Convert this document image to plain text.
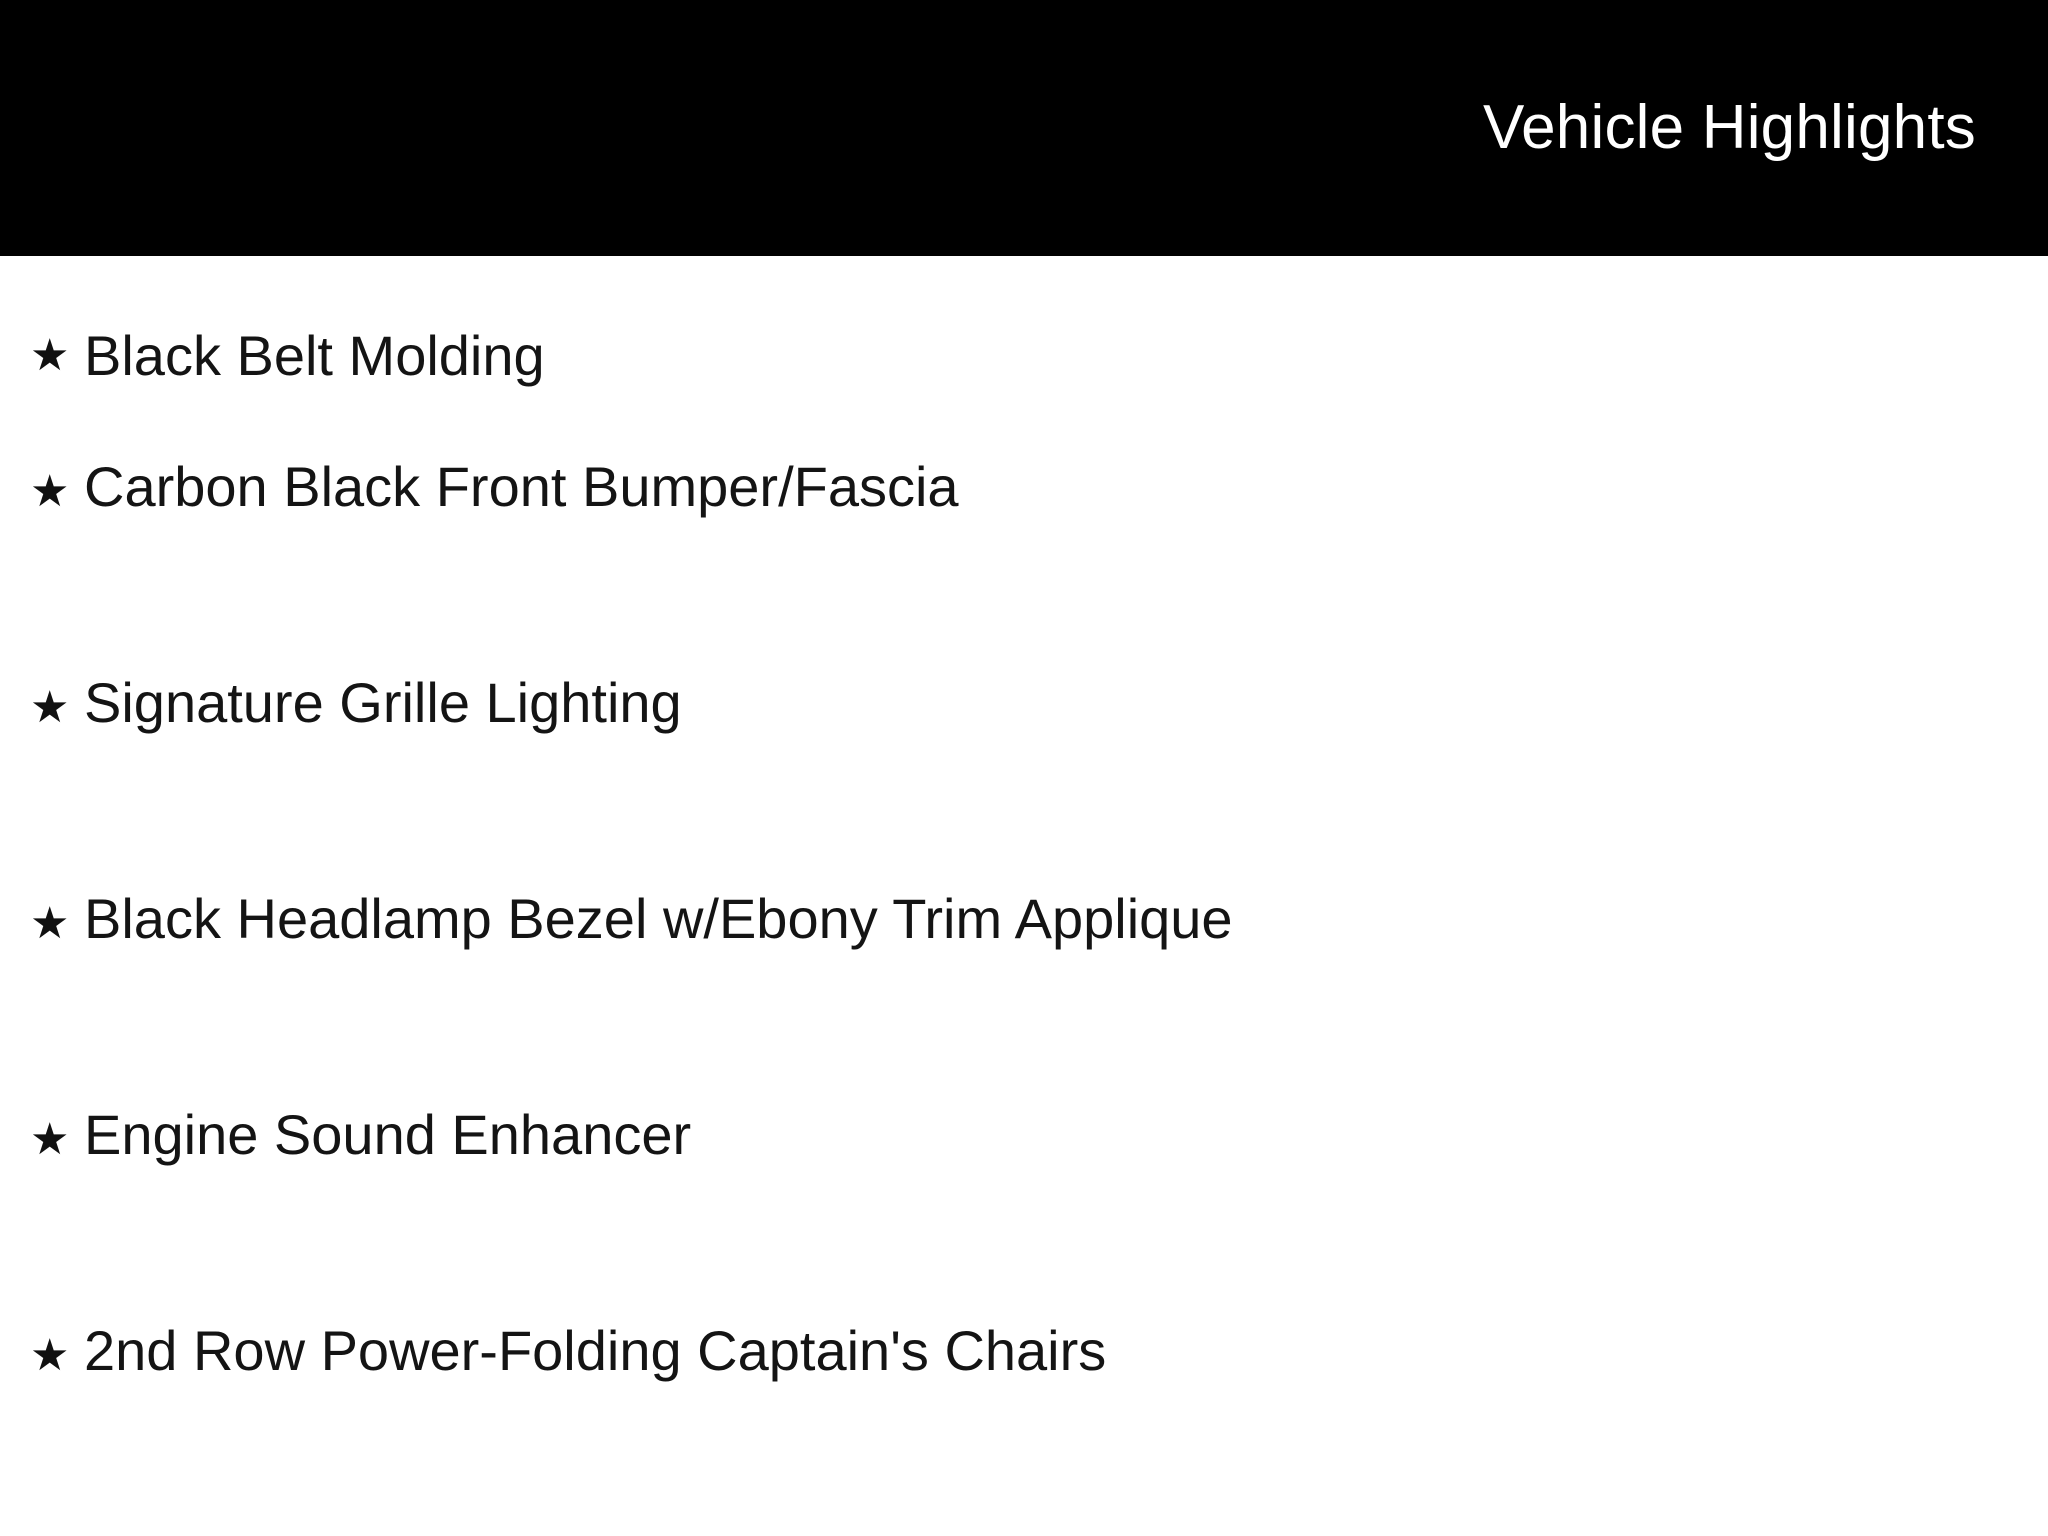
Vehicle Highlights
★ Black Belt Molding
★ Carbon Black Front Bumper/Fascia
★ Signature Grille Lighting
★ Black Headlamp Bezel w/Ebony Trim Applique
★ Engine Sound Enhancer
★ 2nd Row Power-Folding Captain's Chairs
